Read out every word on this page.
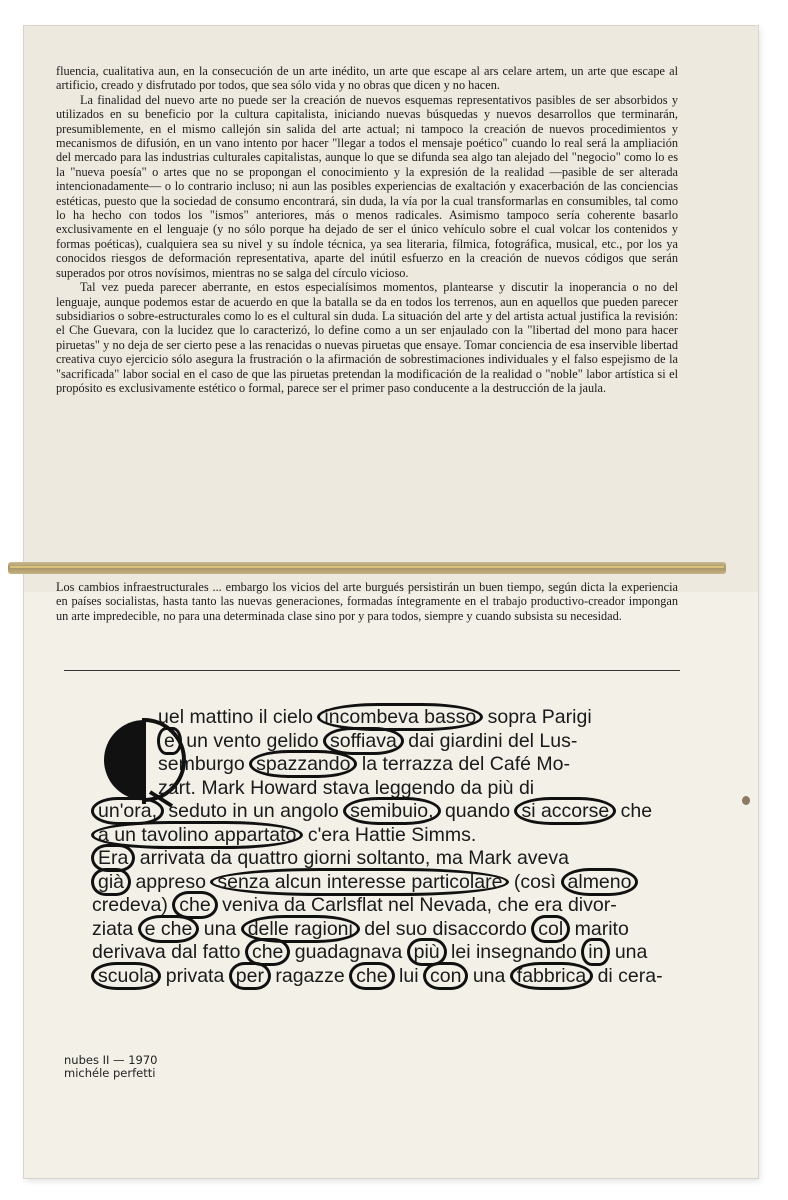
fluencia, cualitativa aun, en la consecución de un arte inédito, un arte que escape al ars celare artem, un arte que escape al artificio, creado y disfrutado por todos, que sea sólo vida y no obras que dicen y no hacen.

La finalidad del nuevo arte no puede ser la creación de nuevos esquemas representativos pasibles de ser absorbidos y utilizados en su beneficio por la cultura capitalista, iniciando nuevas búsquedas y nuevos desarrollos que terminarán, presumiblemente, en el mismo callejón sin salida del arte actual; ni tampoco la creación de nuevos procedimientos y mecanismos de difusión, en un vano intento por hacer "llegar a todos el mensaje poético" cuando lo real será la ampliación del mercado para las industrias culturales capitalistas, aunque lo que se difunda sea algo tan alejado del "negocio" como lo es la "nueva poesía" o artes que no se propongan el conocimiento y la expresión de la realidad —pasible de ser alterada intencionadamente— o lo contrario incluso; ni aun las posibles experiencias de exaltación y exacerbación de las conciencias estéticas, puesto que la sociedad de consumo encontrará, sin duda, la vía por la cual transformarlas en consumibles, tal como lo ha hecho con todos los "ismos" anteriores, más o menos radicales. Asimismo tampoco sería coherente basarlo exclusivamente en el lenguaje (y no sólo porque ha dejado de ser el único vehículo sobre el cual volcar los contenidos y formas poéticas), cualquiera sea su nivel y su índole técnica, ya sea literaria, fílmica, fotográfica, musical, etc., por los ya conocidos riesgos de deformación representativa, aparte del inútil esfuerzo en la creación de nuevos códigos que serán superados por otros novísimos, mientras no se salga del círculo vicioso.

Tal vez pueda parecer aberrante, en estos especialísimos momentos, plantearse y discutir la inoperancia o no del lenguaje, aunque podemos estar de acuerdo en que la batalla se da en todos los terrenos, aun en aquellos que pueden parecer subsidiarios o sobre-estructurales como lo es el cultural sin duda. La situación del arte y del artista actual justifica la revisión: el Che Guevara, con la lucidez que lo caracterizó, lo define como a un ser enjaulado con la "libertad del mono para hacer piruetas" y no deja de ser cierto pese a las renacidas o nuevas piruetas que ensaye. Tomar conciencia de esa inservible libertad creativa cuyo ejercicio sólo asegura la frustración o la afirmación de sobrestimaciones individuales y el falso espejismo de la "sacrificada" labor social en el caso de que las piruetas pretendan la modificación de la realidad o "noble" labor artística si el propósito es exclusivamente estético o formal, parece ser el primer paso conducente a la destrucción de la jaula.

Los cambios infraestructurales ... embargo los vicios del arte burgués persistirán un buen tiempo, según dicta la experiencia en países socialistas, hasta tanto las nuevas generaciones, formadas íntegramente en el trabajo productivo-creador impongan un arte impredecible, no para una determinada clase sino por y para todos, siempre y cuando subsista su necesidad.

uel mattino il cielo incombeva basso sopra Parigi
e un vento gelido soffiava dai giardini del Lus-
semburgo spazzando la terrazza del Café Mo-
zart. Mark Howard stava leggendo da più di
un'ora, seduto in un angolo semibuio, quando si accorse che
a un tavolino appartato c'era Hattie Simms.
Era arrivata da quattro giorni soltanto, ma Mark aveva
già appreso senza alcun interesse particolare (così almeno
credeva) che veniva da Carlsflat nel Nevada, che era divor-
ziata e che una delle ragioni del suo disaccordo col marito
derivava dal fatto che guadagnava più lei insegnando in una
scuola privata per ragazze che lui con una fabbrica di cera-
nubes II — 1970
michéle perfetti
